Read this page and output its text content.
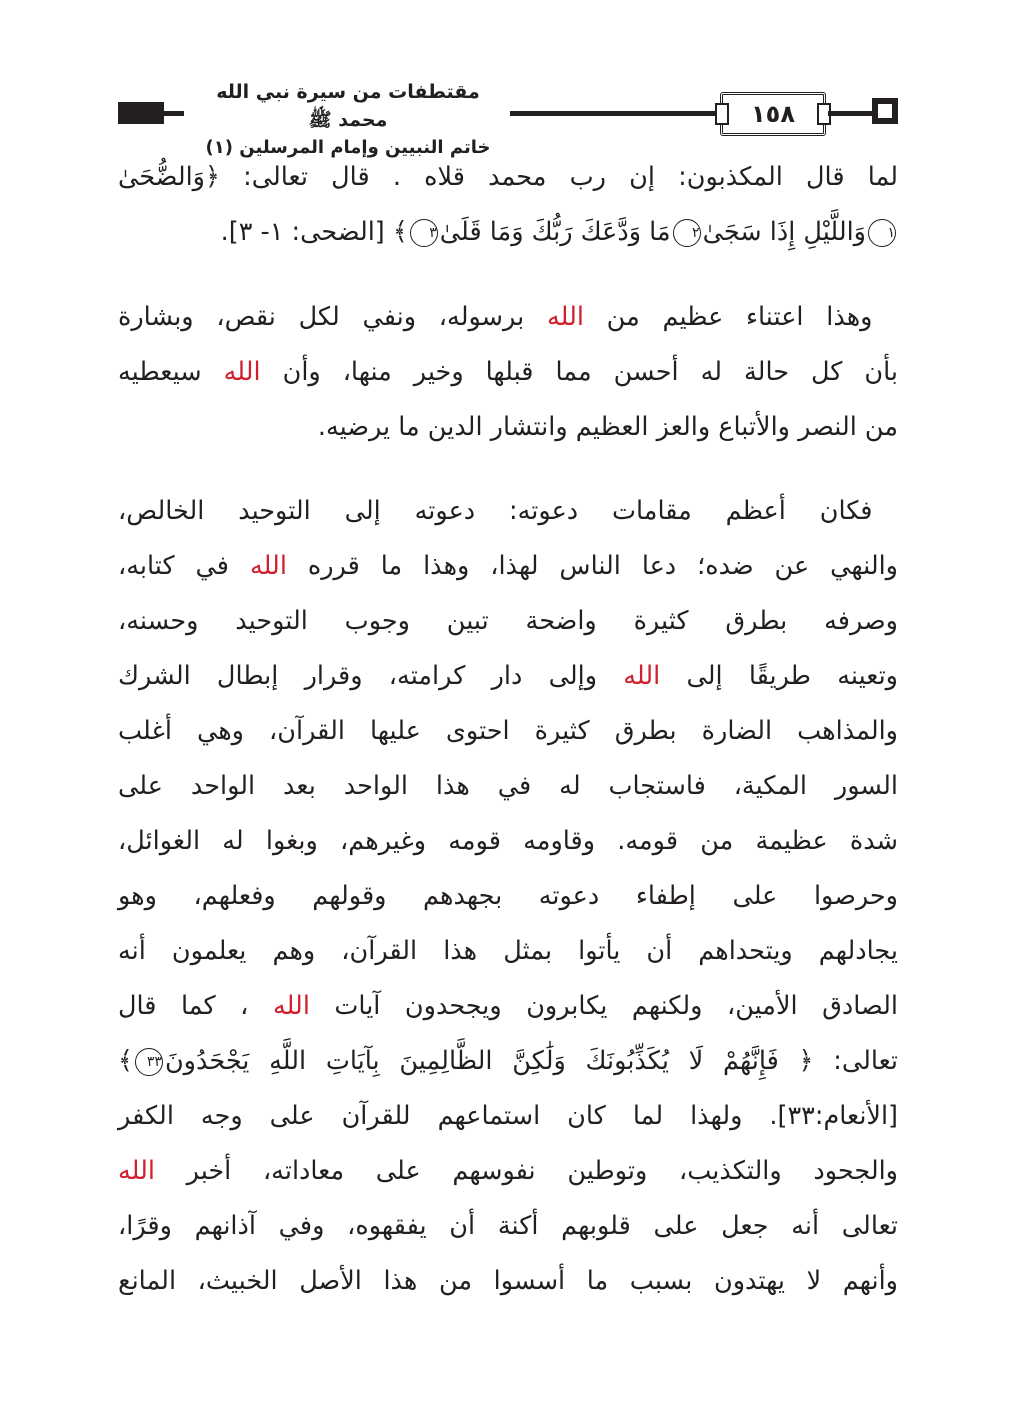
مقتطفات من سيرة نبي الله محمد ﷺ
خاتم النبيين وإمام المرسلين (١)
١٥٨
لما قال المكذبون: إن رب محمد قلاه . قال تعالى: ﴿وَالضُّحَىٰ
١وَاللَّيْلِ إِذَا سَجَىٰ٢مَا وَدَّعَكَ رَبُّكَ وَمَا قَلَىٰ٣﴾ [الضحى: ١- ٣].
 وهذا اعتناء عظيم من الله برسوله، ونفي لكل نقص، وبشارة
بأن كل حالة له أحسن مما قبلها وخير منها، وأن الله سيعطيه
من النصر والأتباع والعز العظيم وانتشار الدين ما يرضيه.
 فكان أعظم مقامات دعوته: دعوته إلى التوحيد الخالص،
والنهي عن ضده؛ دعا الناس لهذا، وهذا ما قرره الله في كتابه،
وصرفه بطرق كثيرة واضحة تبين وجوب التوحيد وحسنه،
وتعينه طريقًا إلى الله وإلى دار كرامته، وقرار إبطال الشرك
والمذاهب الضارة بطرق كثيرة احتوى عليها القرآن، وهي أغلب
السور المكية، فاستجاب له في هذا الواحد بعد الواحد على
شدة عظيمة من قومه. وقاومه قومه وغيرهم، وبغوا له الغوائل،
وحرصوا على إطفاء دعوته بجهدهم وقولهم وفعلهم، وهو
يجادلهم ويتحداهم أن يأتوا بمثل هذا القرآن، وهم يعلمون أنه
الصادق الأمين، ولكنهم يكابرون ويجحدون آيات الله ، كما قال
تعالى: ﴿ فَإِنَّهُمْ لَا يُكَذِّبُونَكَ وَلَٰكِنَّ الظَّالِمِينَ بِآيَاتِ اللَّهِ يَجْحَدُونَ٣٣﴾
[الأنعام:٣٣]. ولهذا لما كان استماعهم للقرآن على وجه الكفر
والجحود والتكذيب، وتوطين نفوسهم على معاداته، أخبر الله
تعالى أنه جعل على قلوبهم أكنة أن يفقهوه، وفي آذانهم وقرًا،
وأنهم لا يهتدون بسبب ما أسسوا من هذا الأصل الخبيث، المانع
